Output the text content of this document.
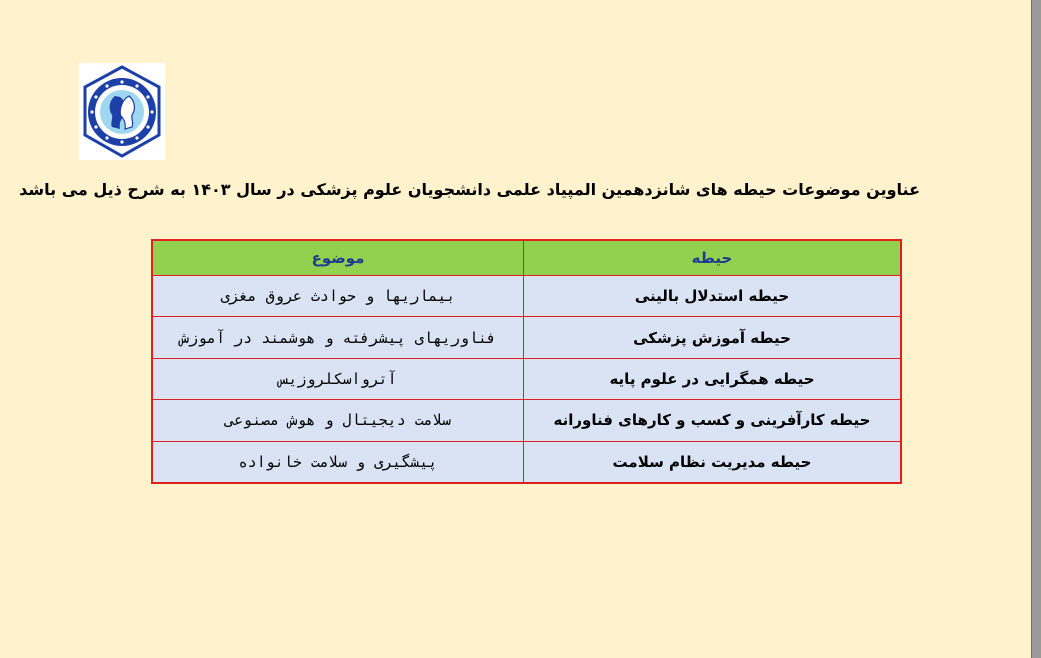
عناوین موضوعات حیطه های شانزدهمین المپیاد علمی دانشجویان علوم پزشکی در سال ۱۴۰۳ به شرح ذیل می باشد
حیطه	موضوع
حیطه استدلال بالینی	بیماریها و حوادث عروق مغزی
حیطه آموزش پزشکی	فناوریهای پیشرفته و هوشمند در آموزش
حیطه همگرایی در علوم پایه	آترواسکلروزیس
حیطه کارآفرینی و کسب و کارهای فناورانه	سلامت دیجیتال و هوش مصنوعی
حیطه مدیریت نظام سلامت	پیشگیری و سلامت خانواده
